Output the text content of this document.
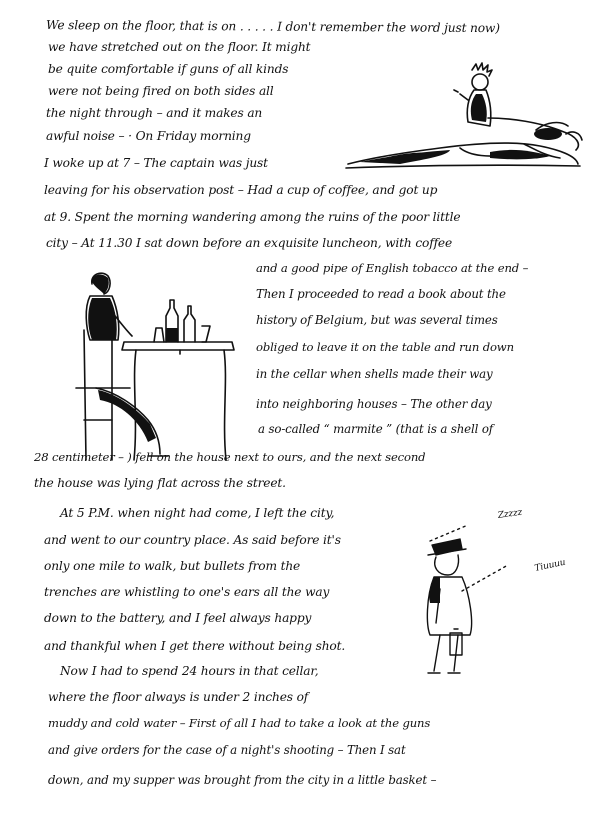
We sleep on the floor, that is on . . . . . I don't remember the word just now)
we have stretched out on the floor. It might
be quite comfortable if guns of all kinds
were not being fired on both sides all
the night through – and it makes an
awful noise – · On Friday morning
I woke up at 7 – The captain was just
leaving for his observation post – Had a cup of coffee, and got up
at 9. Spent the morning wandering among the ruins of the poor little
city – At 11.30 I sat down before an exquisite luncheon, with coffee
and a good pipe of English tobacco at the end –
Then I proceeded to read a book about the
history of Belgium, but was several times
obliged to leave it on the table and run down
in the cellar when shells made their way
into neighboring houses – The other day
a so-called “ marmite ” (that is a shell of
28 centimeter – ) fell on the house next to ours, and the next second
the house was lying flat across the street.
At 5 P.M. when night had come, I left the city,
and went to our country place. As said before it's
only one mile to walk, but bullets from the
trenches are whistling to one's ears all the way
down to the battery, and I feel always happy
and thankful when I get there without being shot.
Now I had to spend 24 hours in that cellar,
where the floor always is under 2 inches of
muddy and cold water – First of all I had to take a look at the guns
and give orders for the case of a night's shooting – Then I sat
down, and my supper was brought from the city in a little basket –
Zzzzz
Tiuuuu
